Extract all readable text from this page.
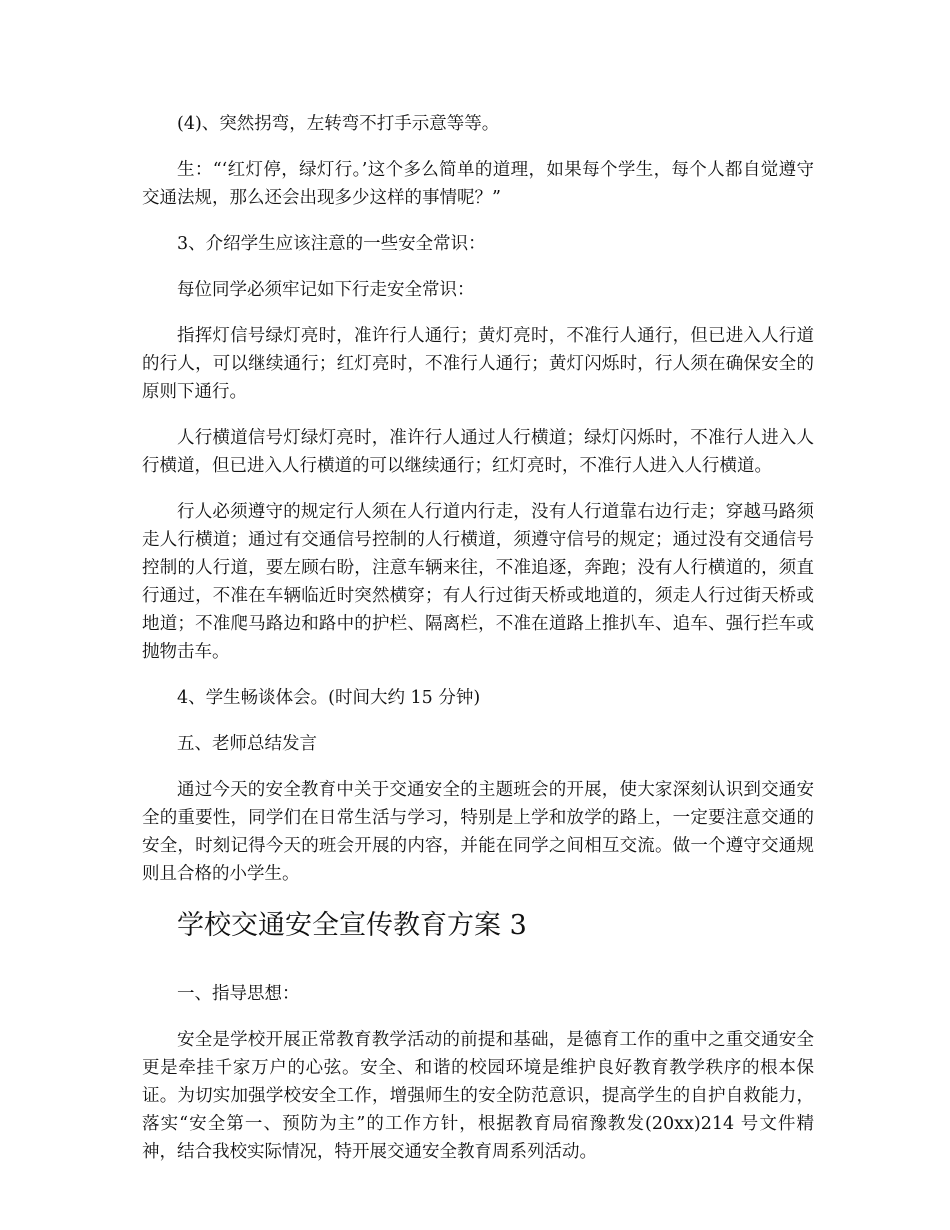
(4)、突然拐弯，左转弯不打手示意等等。

生：“‘红灯停，绿灯行。’这个多么简单的道理，如果每个学生，每个人都自觉遵守交通法规，那么还会出现多少这样的事情呢？”

3、介绍学生应该注意的一些安全常识：

每位同学必须牢记如下行走安全常识：

指挥灯信号绿灯亮时，准许行人通行；黄灯亮时，不准行人通行，但已进入人行道的行人，可以继续通行；红灯亮时，不准行人通行；黄灯闪烁时，行人须在确保安全的原则下通行。

人行横道信号灯绿灯亮时，准许行人通过人行横道；绿灯闪烁时，不准行人进入人行横道，但已进入人行横道的可以继续通行；红灯亮时，不准行人进入人行横道。

行人必须遵守的规定行人须在人行道内行走，没有人行道靠右边行走；穿越马路须走人行横道；通过有交通信号控制的人行横道，须遵守信号的规定；通过没有交通信号控制的人行道，要左顾右盼，注意车辆来往，不准追逐，奔跑；没有人行横道的，须直行通过，不准在车辆临近时突然横穿；有人行过街天桥或地道的，须走人行过街天桥或地道；不准爬马路边和路中的护栏、隔离栏，不准在道路上推扒车、追车、强行拦车或抛物击车。

4、学生畅谈体会。(时间大约 15 分钟)

五、老师总结发言

通过今天的安全教育中关于交通安全的主题班会的开展，使大家深刻认识到交通安全的重要性，同学们在日常生活与学习，特别是上学和放学的路上，一定要注意交通的安全，时刻记得今天的班会开展的内容，并能在同学之间相互交流。做一个遵守交通规则且合格的小学生。

学校交通安全宣传教育方案 3

一、指导思想：

安全是学校开展正常教育教学活动的前提和基础，是德育工作的重中之重交通安全更是牵挂千家万户的心弦。安全、和谐的校园环境是维护良好教育教学秩序的根本保证。为切实加强学校安全工作，增强师生的安全防范意识，提高学生的自护自救能力，落实“安全第一、预防为主”的工作方针，根据教育局宿豫教发(20xx)214 号文件精神，结合我校实际情况，特开展交通安全教育周系列活动。
